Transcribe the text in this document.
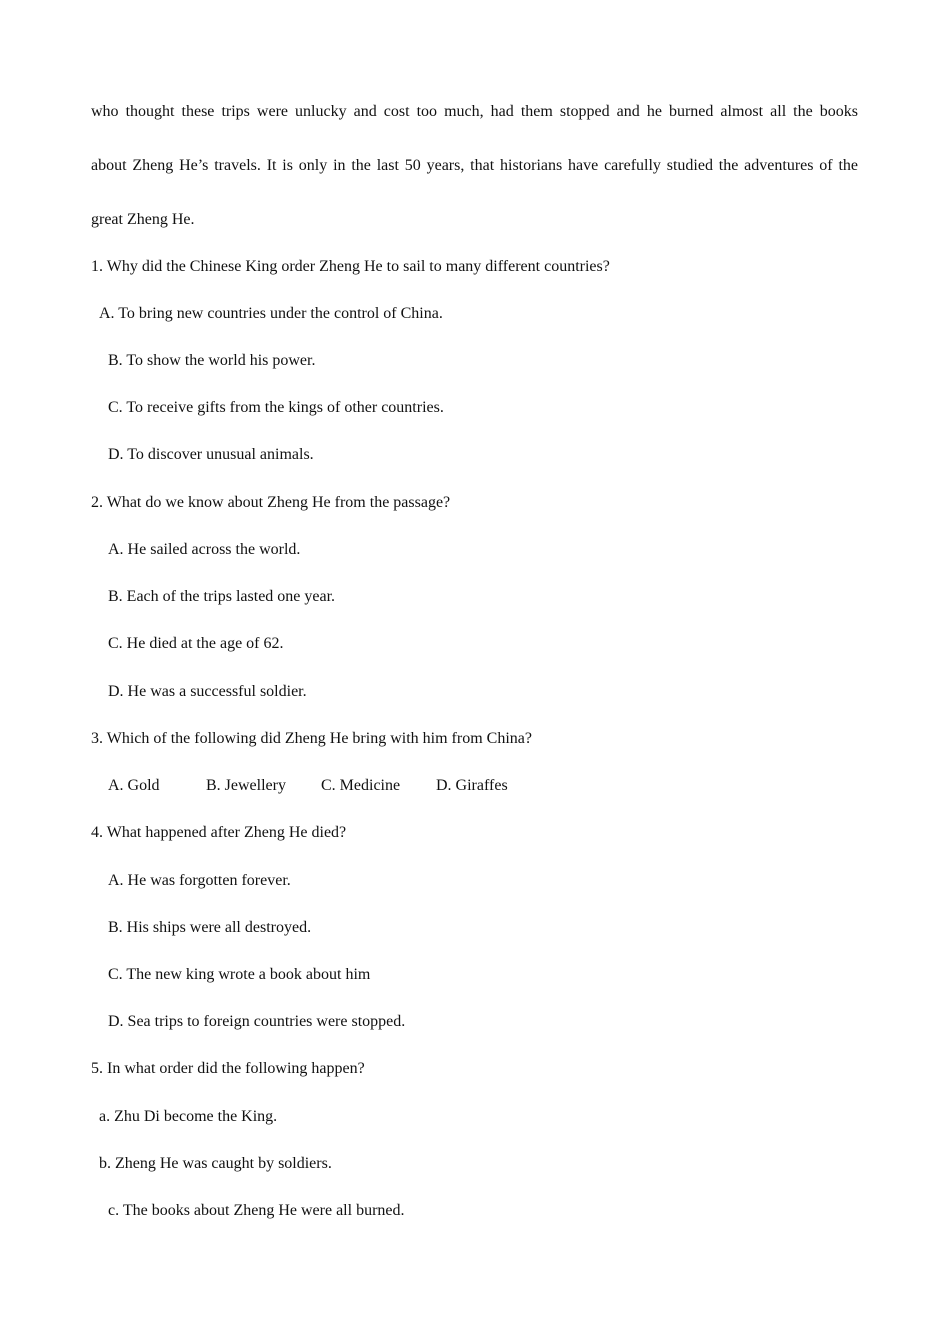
who thought these trips were unlucky and cost too much, had them stopped and he burned almost all the books
about Zheng He’s travels. It is only in the last 50 years, that historians have carefully studied the adventures of the
great Zheng He.
1. Why did the Chinese King order Zheng He to sail to many different countries?
A. To bring new countries under the control of China.
B. To show the world his power.
C. To receive gifts from the kings of other countries.
D. To discover unusual animals.
2. What do we know about Zheng He from the passage?
A. He sailed across the world.
B. Each of the trips lasted one year.
C. He died at the age of 62.
D. He was a successful soldier.
3. Which of the following did Zheng He bring with him from China?
A. Gold	B. Jewellery C. Medicine D. Giraffes
4. What happened after Zheng He died?
A. He was forgotten forever.
B. His ships were all destroyed.
C. The new king wrote a book about him
D. Sea trips to foreign countries were stopped.
5. In what order did the following happen?
a. Zhu Di become the King.
b. Zheng He was caught by soldiers.
c. The books about Zheng He were all burned.
